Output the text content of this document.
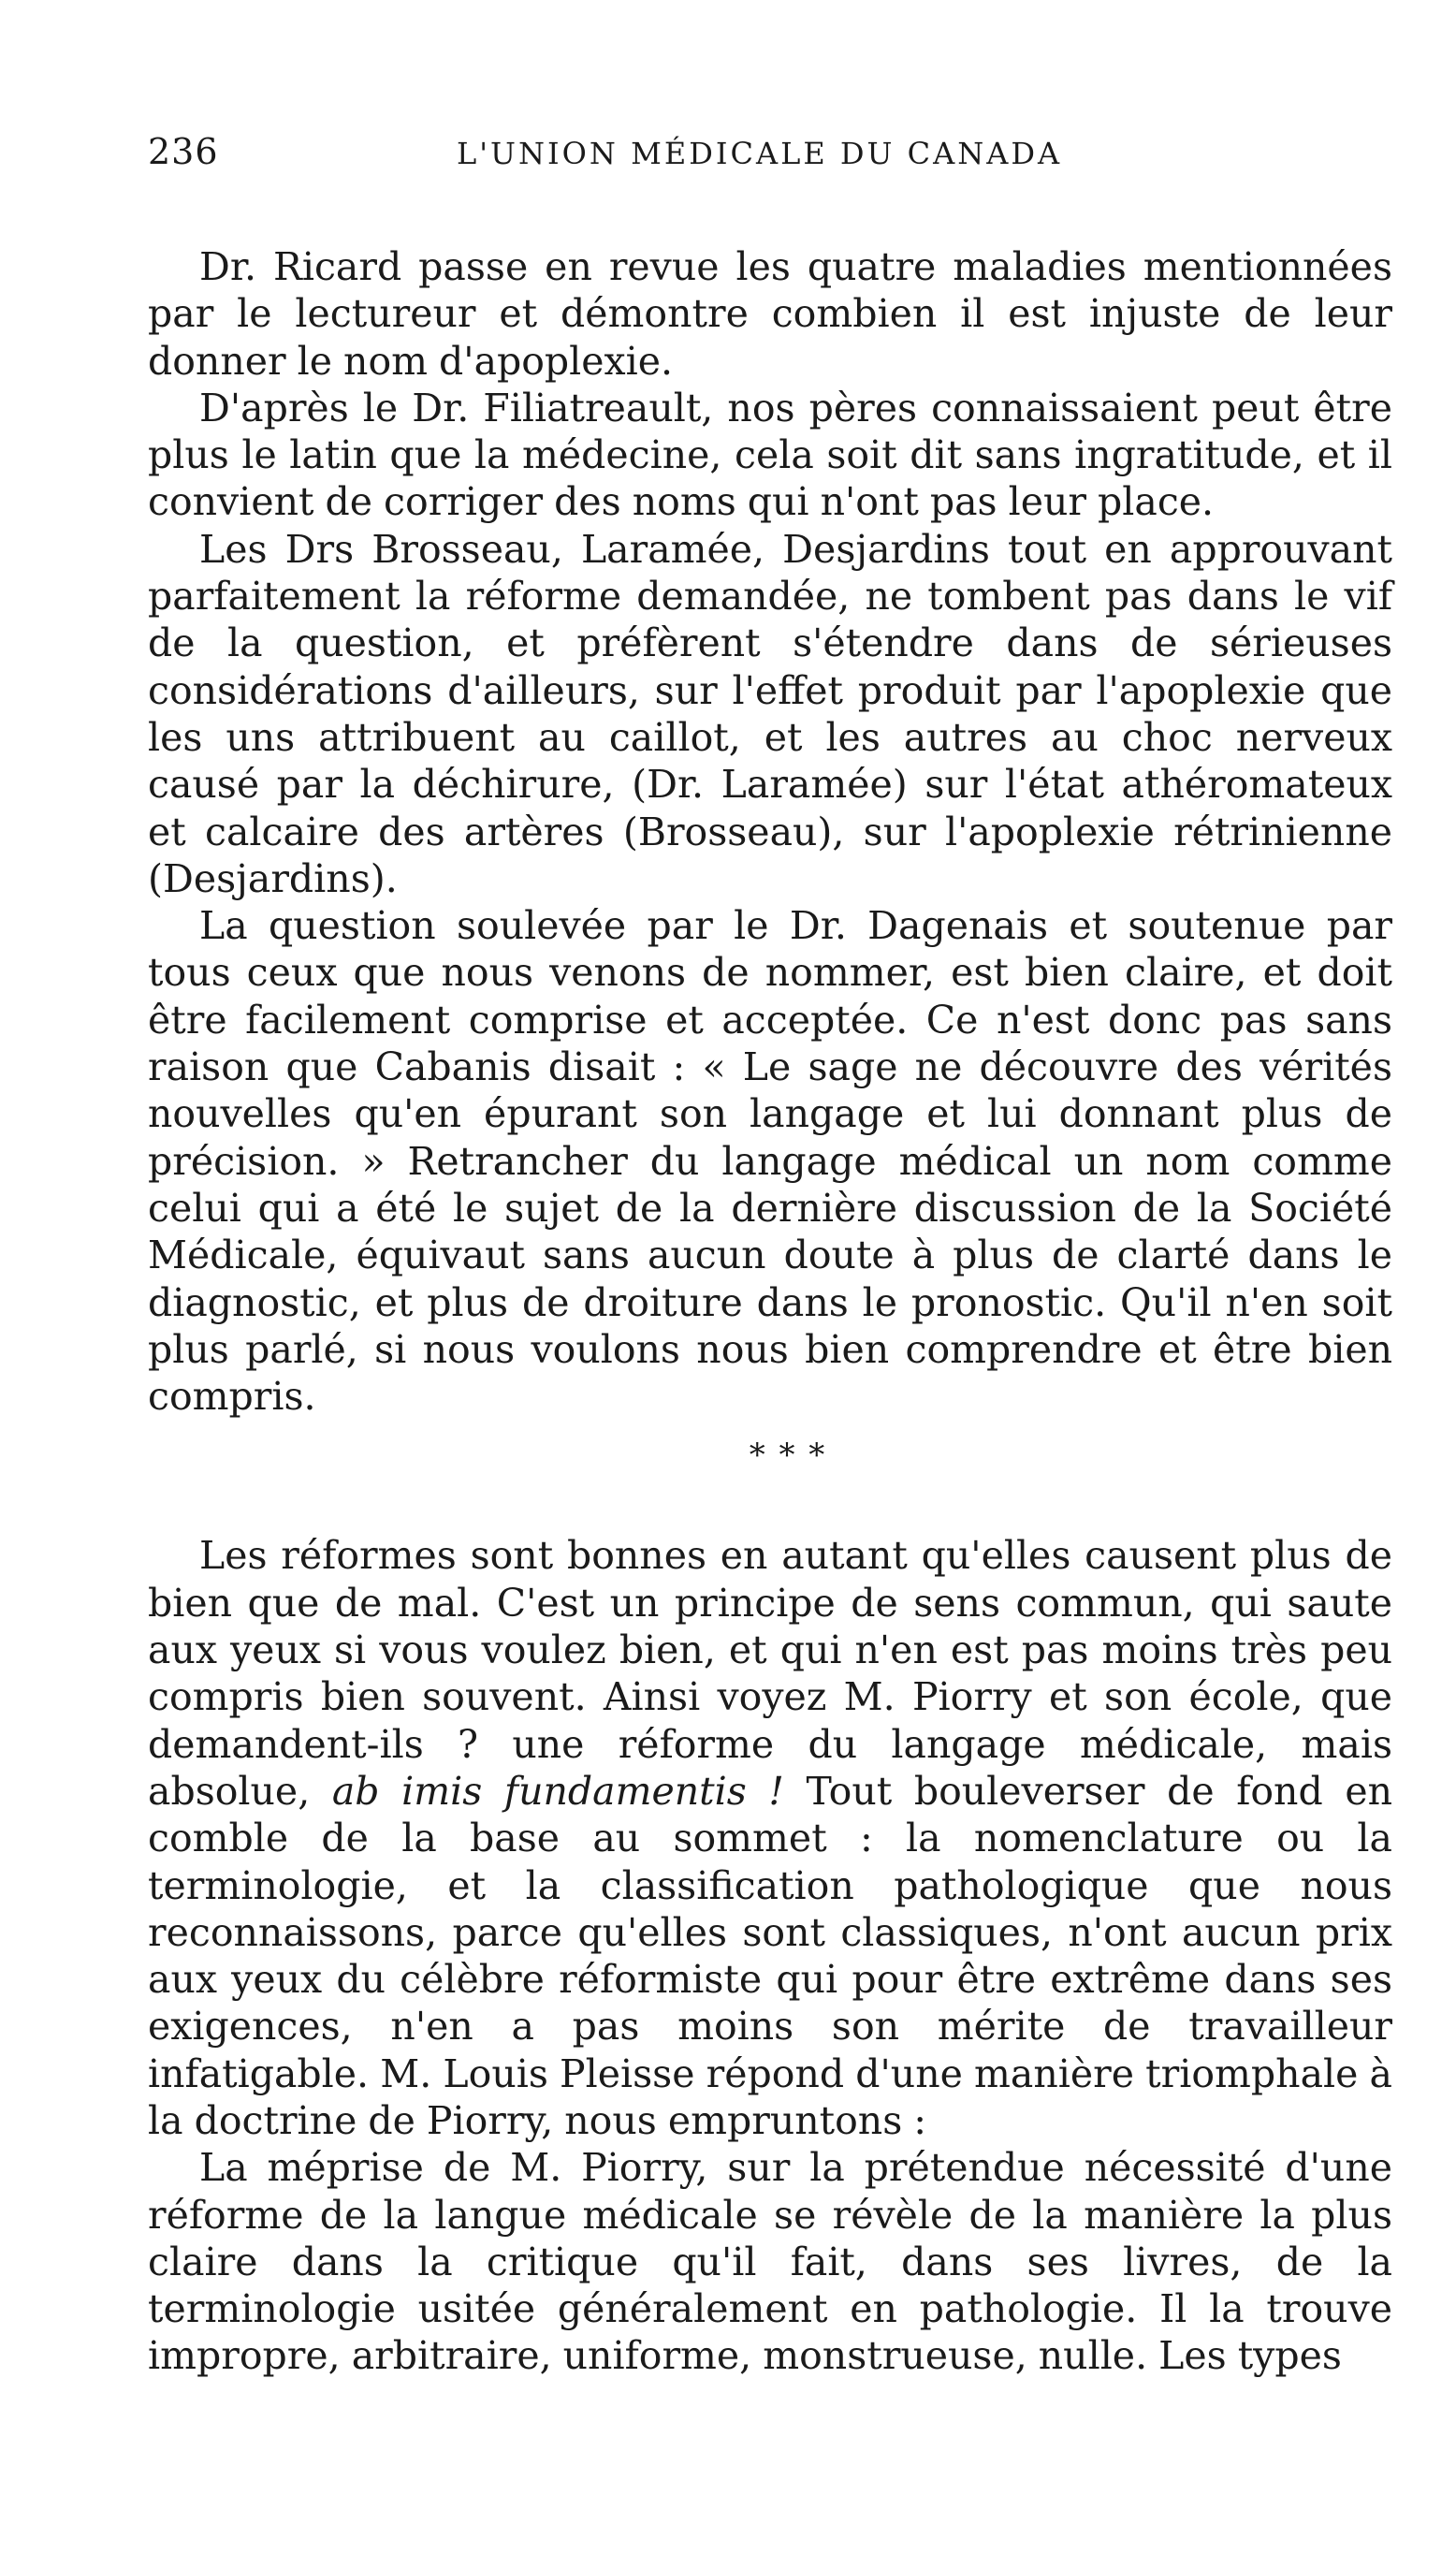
236	L'UNION MÉDICALE DU CANADA

Dr. Ricard passe en revue les quatre maladies mentionnées par le lectureur et démontre combien il est injuste de leur donner le nom d'apoplexie.

D'après le Dr. Filiatreault, nos pères connaissaient peut être plus le latin que la médecine, cela soit dit sans ingratitude, et il convient de corriger des noms qui n'ont pas leur place.

Les Drs Brosseau, Laramée, Desjardins tout en approuvant parfaitement la réforme demandée, ne tombent pas dans le vif de la question, et préfèrent s'étendre dans de sérieuses considérations d'ailleurs, sur l'effet produit par l'apoplexie que les uns attribuent au caillot, et les autres au choc nerveux causé par la déchirure, (Dr. Laramée) sur l'état athéromateux et calcaire des artères (Brosseau), sur l'apoplexie rétrinienne (Desjardins).

La question soulevée par le Dr. Dagenais et soutenue par tous ceux que nous venons de nommer, est bien claire, et doit être facilement comprise et acceptée. Ce n'est donc pas sans raison que Cabanis disait : « Le sage ne découvre des vérités nouvelles qu'en épurant son langage et lui donnant plus de précision. » Retrancher du langage médical un nom comme celui qui a été le sujet de la dernière discussion de la Société Médicale, équivaut sans aucun doute à plus de clarté dans le diagnostic, et plus de droiture dans le pronostic. Qu'il n'en soit plus parlé, si nous voulons nous bien comprendre et être bien compris.

* * *

Les réformes sont bonnes en autant qu'elles causent plus de bien que de mal. C'est un principe de sens commun, qui saute aux yeux si vous voulez bien, et qui n'en est pas moins très peu compris bien souvent. Ainsi voyez M. Piorry et son école, que demandent-ils ? une réforme du langage médicale, mais absolue, ab imis fundamentis ! Tout bouleverser de fond en comble de la base au sommet : la nomenclature ou la terminologie, et la classification pathologique que nous reconnaissons, parce qu'elles sont classiques, n'ont aucun prix aux yeux du célèbre réformiste qui pour être extrême dans ses exigences, n'en a pas moins son mérite de travailleur infatigable. M. Louis Pleisse répond d'une manière triomphale à la doctrine de Piorry, nous empruntons :

La méprise de M. Piorry, sur la prétendue nécessité d'une réforme de la langue médicale se révèle de la manière la plus claire dans la critique qu'il fait, dans ses livres, de la terminologie usitée généralement en pathologie. Il la trouve impropre, arbitraire, uniforme, monstrueuse, nulle. Les types
